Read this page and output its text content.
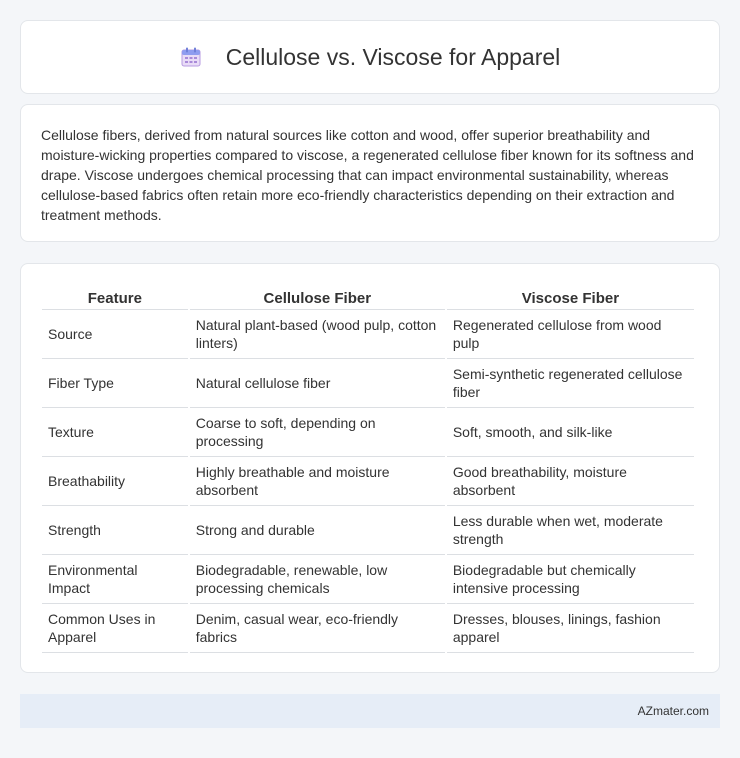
Cellulose vs. Viscose for Apparel

Cellulose fibers, derived from natural sources like cotton and wood, offer superior breathability and moisture-wicking properties compared to viscose, a regenerated cellulose fiber known for its softness and drape. Viscose undergoes chemical processing that can impact environmental sustainability, whereas cellulose-based fabrics often retain more eco-friendly characteristics depending on their extraction and treatment methods.

Feature	Cellulose Fiber	Viscose Fiber
Source	Natural plant-based (wood pulp, cotton linters)	Regenerated cellulose from wood pulp
Fiber Type	Natural cellulose fiber	Semi-synthetic regenerated cellulose fiber
Texture	Coarse to soft, depending on processing	Soft, smooth, and silk-like
Breathability	Highly breathable and moisture absorbent	Good breathability, moisture absorbent
Strength	Strong and durable	Less durable when wet, moderate strength
Environmental Impact	Biodegradable, renewable, low processing chemicals	Biodegradable but chemically intensive processing
Common Uses in Apparel	Denim, casual wear, eco-friendly fabrics	Dresses, blouses, linings, fashion apparel
AZmater.com
